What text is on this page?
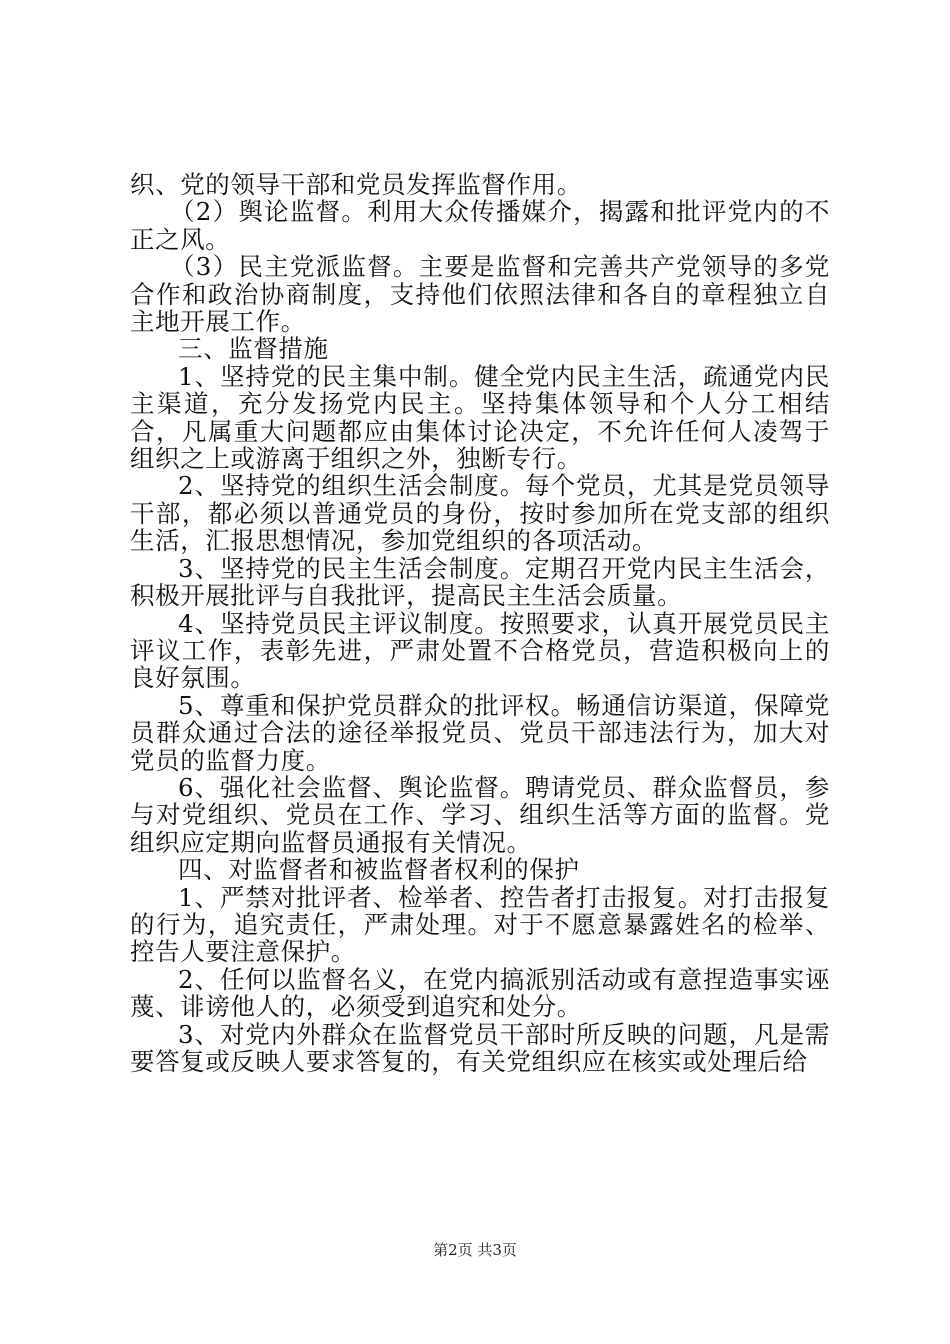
织、党的领导干部和党员发挥监督作用。

（2）舆论监督。利用大众传播媒介，揭露和批评党内的不正之风。

（3）民主党派监督。主要是监督和完善共产党领导的多党合作和政治协商制度，支持他们依照法律和各自的章程独立自主地开展工作。

三、监督措施

1、坚持党的民主集中制。健全党内民主生活，疏通党内民主渠道，充分发扬党内民主。坚持集体领导和个人分工相结合，凡属重大问题都应由集体讨论决定，不允许任何人凌驾于组织之上或游离于组织之外，独断专行。

2、坚持党的组织生活会制度。每个党员，尤其是党员领导干部，都必须以普通党员的身份，按时参加所在党支部的组织生活，汇报思想情况，参加党组织的各项活动。

3、坚持党的民主生活会制度。定期召开党内民主生活会，积极开展批评与自我批评，提高民主生活会质量。

4、坚持党员民主评议制度。按照要求，认真开展党员民主评议工作，表彰先进，严肃处置不合格党员，营造积极向上的良好氛围。

5、尊重和保护党员群众的批评权。畅通信访渠道，保障党员群众通过合法的途径举报党员、党员干部违法行为，加大对党员的监督力度。

6、强化社会监督、舆论监督。聘请党员、群众监督员，参与对党组织、党员在工作、学习、组织生活等方面的监督。党组织应定期向监督员通报有关情况。

四、对监督者和被监督者权利的保护

1、严禁对批评者、检举者、控告者打击报复。对打击报复的行为，追究责任，严肃处理。对于不愿意暴露姓名的检举、控告人要注意保护。

2、任何以监督名义，在党内搞派别活动或有意捏造事实诬蔑、诽谤他人的，必须受到追究和处分。

3、对党内外群众在监督党员干部时所反映的问题，凡是需要答复或反映人要求答复的，有关党组织应在核实或处理后给

第2页 共3页
